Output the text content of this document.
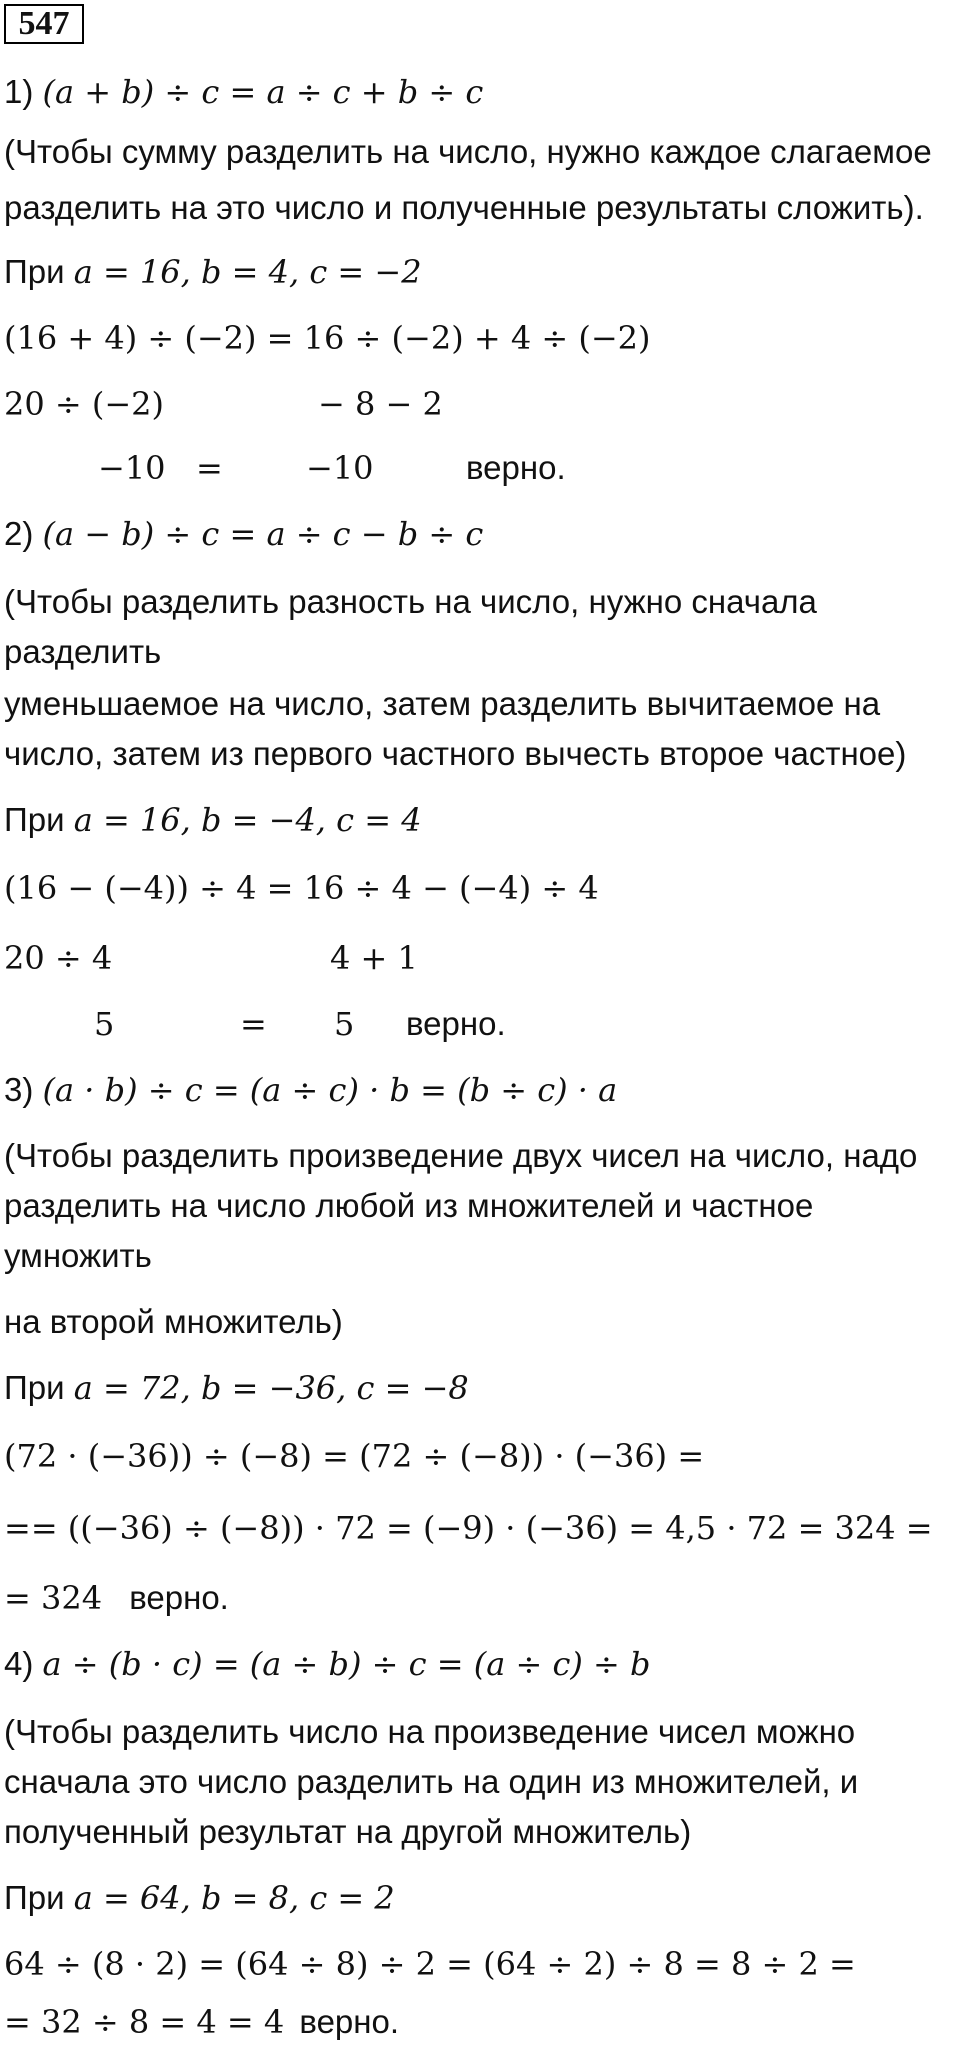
547
1) (a + b) ÷ c = a ÷ c + b ÷ c
(Чтобы сумму разделить на число, нужно каждое слагаемое
разделить на это число и полученные результаты сложить).
При a = 16, b = 4, c = −2
(16 + 4) ÷ (−2) = 16 ÷ (−2) + 4 ÷ (−2)
20 ÷ (−2)	− 8 − 2
−10 =	−10	верно.
2) (a − b) ÷ c = a ÷ c − b ÷ c
(Чтобы разделить разность на число, нужно сначала
разделить
уменьшаемое на число, затем разделить вычитаемое на
число, затем из первого частного вычесть второе частное)
При a = 16, b = −4, c = 4
(16 − (−4)) ÷ 4 = 16 ÷ 4 − (−4) ÷ 4
20 ÷ 4	4 + 1
5	= 5 верно.
3) (a · b) ÷ c = (a ÷ c) · b = (b ÷ c) · a
(Чтобы разделить произведение двух чисел на число, надо
разделить на число любой из множителей и частное
умножить
на второй множитель)
При a = 72, b = −36, c = −8
(72 · (−36)) ÷ (−8) = (72 ÷ (−8)) · (−36) =
== ((−36) ÷ (−8)) · 72 = (−9) · (−36) = 4,5 · 72 = 324 =
= 324 верно.
4) a ÷ (b · c) = (a ÷ b) ÷ c = (a ÷ c) ÷ b
(Чтобы разделить число на произведение чисел можно
сначала это число разделить на один из множителей, и
полученный результат на другой множитель)
При a = 64, b = 8, c = 2
64 ÷ (8 · 2) = (64 ÷ 8) ÷ 2 = (64 ÷ 2) ÷ 8 = 8 ÷ 2 =
= 32 ÷ 8 = 4 = 4 верно.
